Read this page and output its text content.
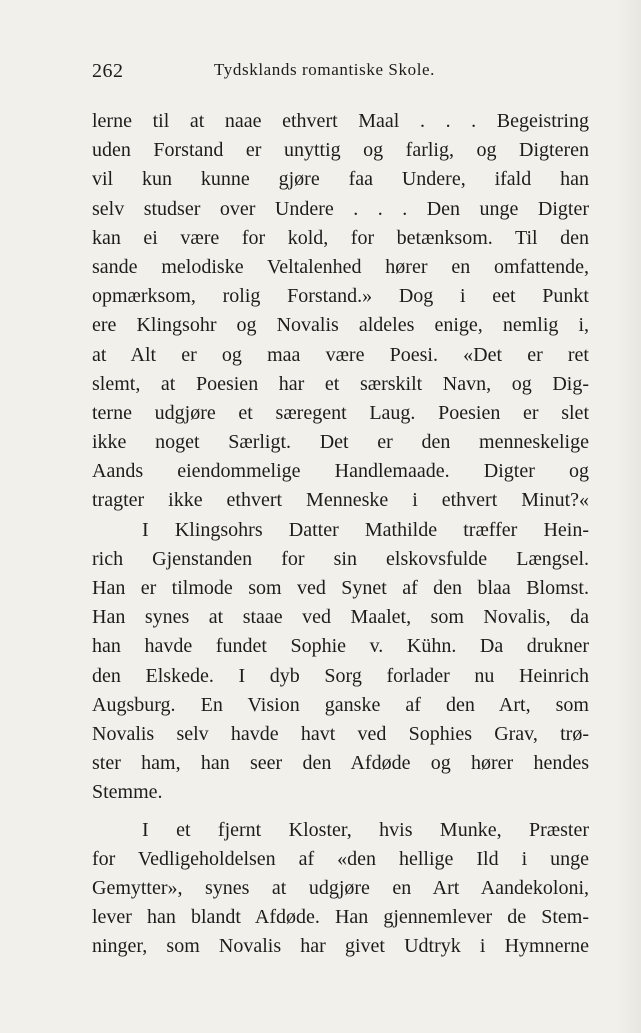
262	Tydsklands romantiske Skole.
lerne til at naae ethvert Maal . . . Begeistring
uden Forstand er unyttig og farlig, og Digteren
vil kun kunne gjøre faa Undere, ifald han
selv studser over Undere . . . Den unge Digter
kan ei være for kold, for betænksom. Til den
sande melodiske Veltalenhed hører en omfattende,
opmærksom, rolig Forstand.» Dog i eet Punkt
ere Klingsohr og Novalis aldeles enige, nemlig i,
at Alt er og maa være Poesi. «Det er ret
slemt, at Poesien har et særskilt Navn, og Dig-
terne udgjøre et særegent Laug. Poesien er slet
ikke noget Særligt. Det er den menneskelige
Aands eiendommelige Handlemaade. Digter og
tragter ikke ethvert Menneske i ethvert Minut?«
I Klingsohrs Datter Mathilde træffer Hein-
rich Gjenstanden for sin elskovsfulde Længsel.
Han er tilmode som ved Synet af den blaa Blomst.
Han synes at staae ved Maalet, som Novalis, da
han havde fundet Sophie v. Kühn. Da drukner
den Elskede. I dyb Sorg forlader nu Heinrich
Augsburg. En Vision ganske af den Art, som
Novalis selv havde havt ved Sophies Grav, trø-
ster ham, han seer den Afdøde og hører hendes
Stemme.
I et fjernt Kloster, hvis Munke, Præster
for Vedligeholdelsen af «den hellige Ild i unge
Gemytter», synes at udgjøre en Art Aandekoloni,
lever han blandt Afdøde. Han gjennemlever de Stem-
ninger, som Novalis har givet Udtryk i Hymnerne
